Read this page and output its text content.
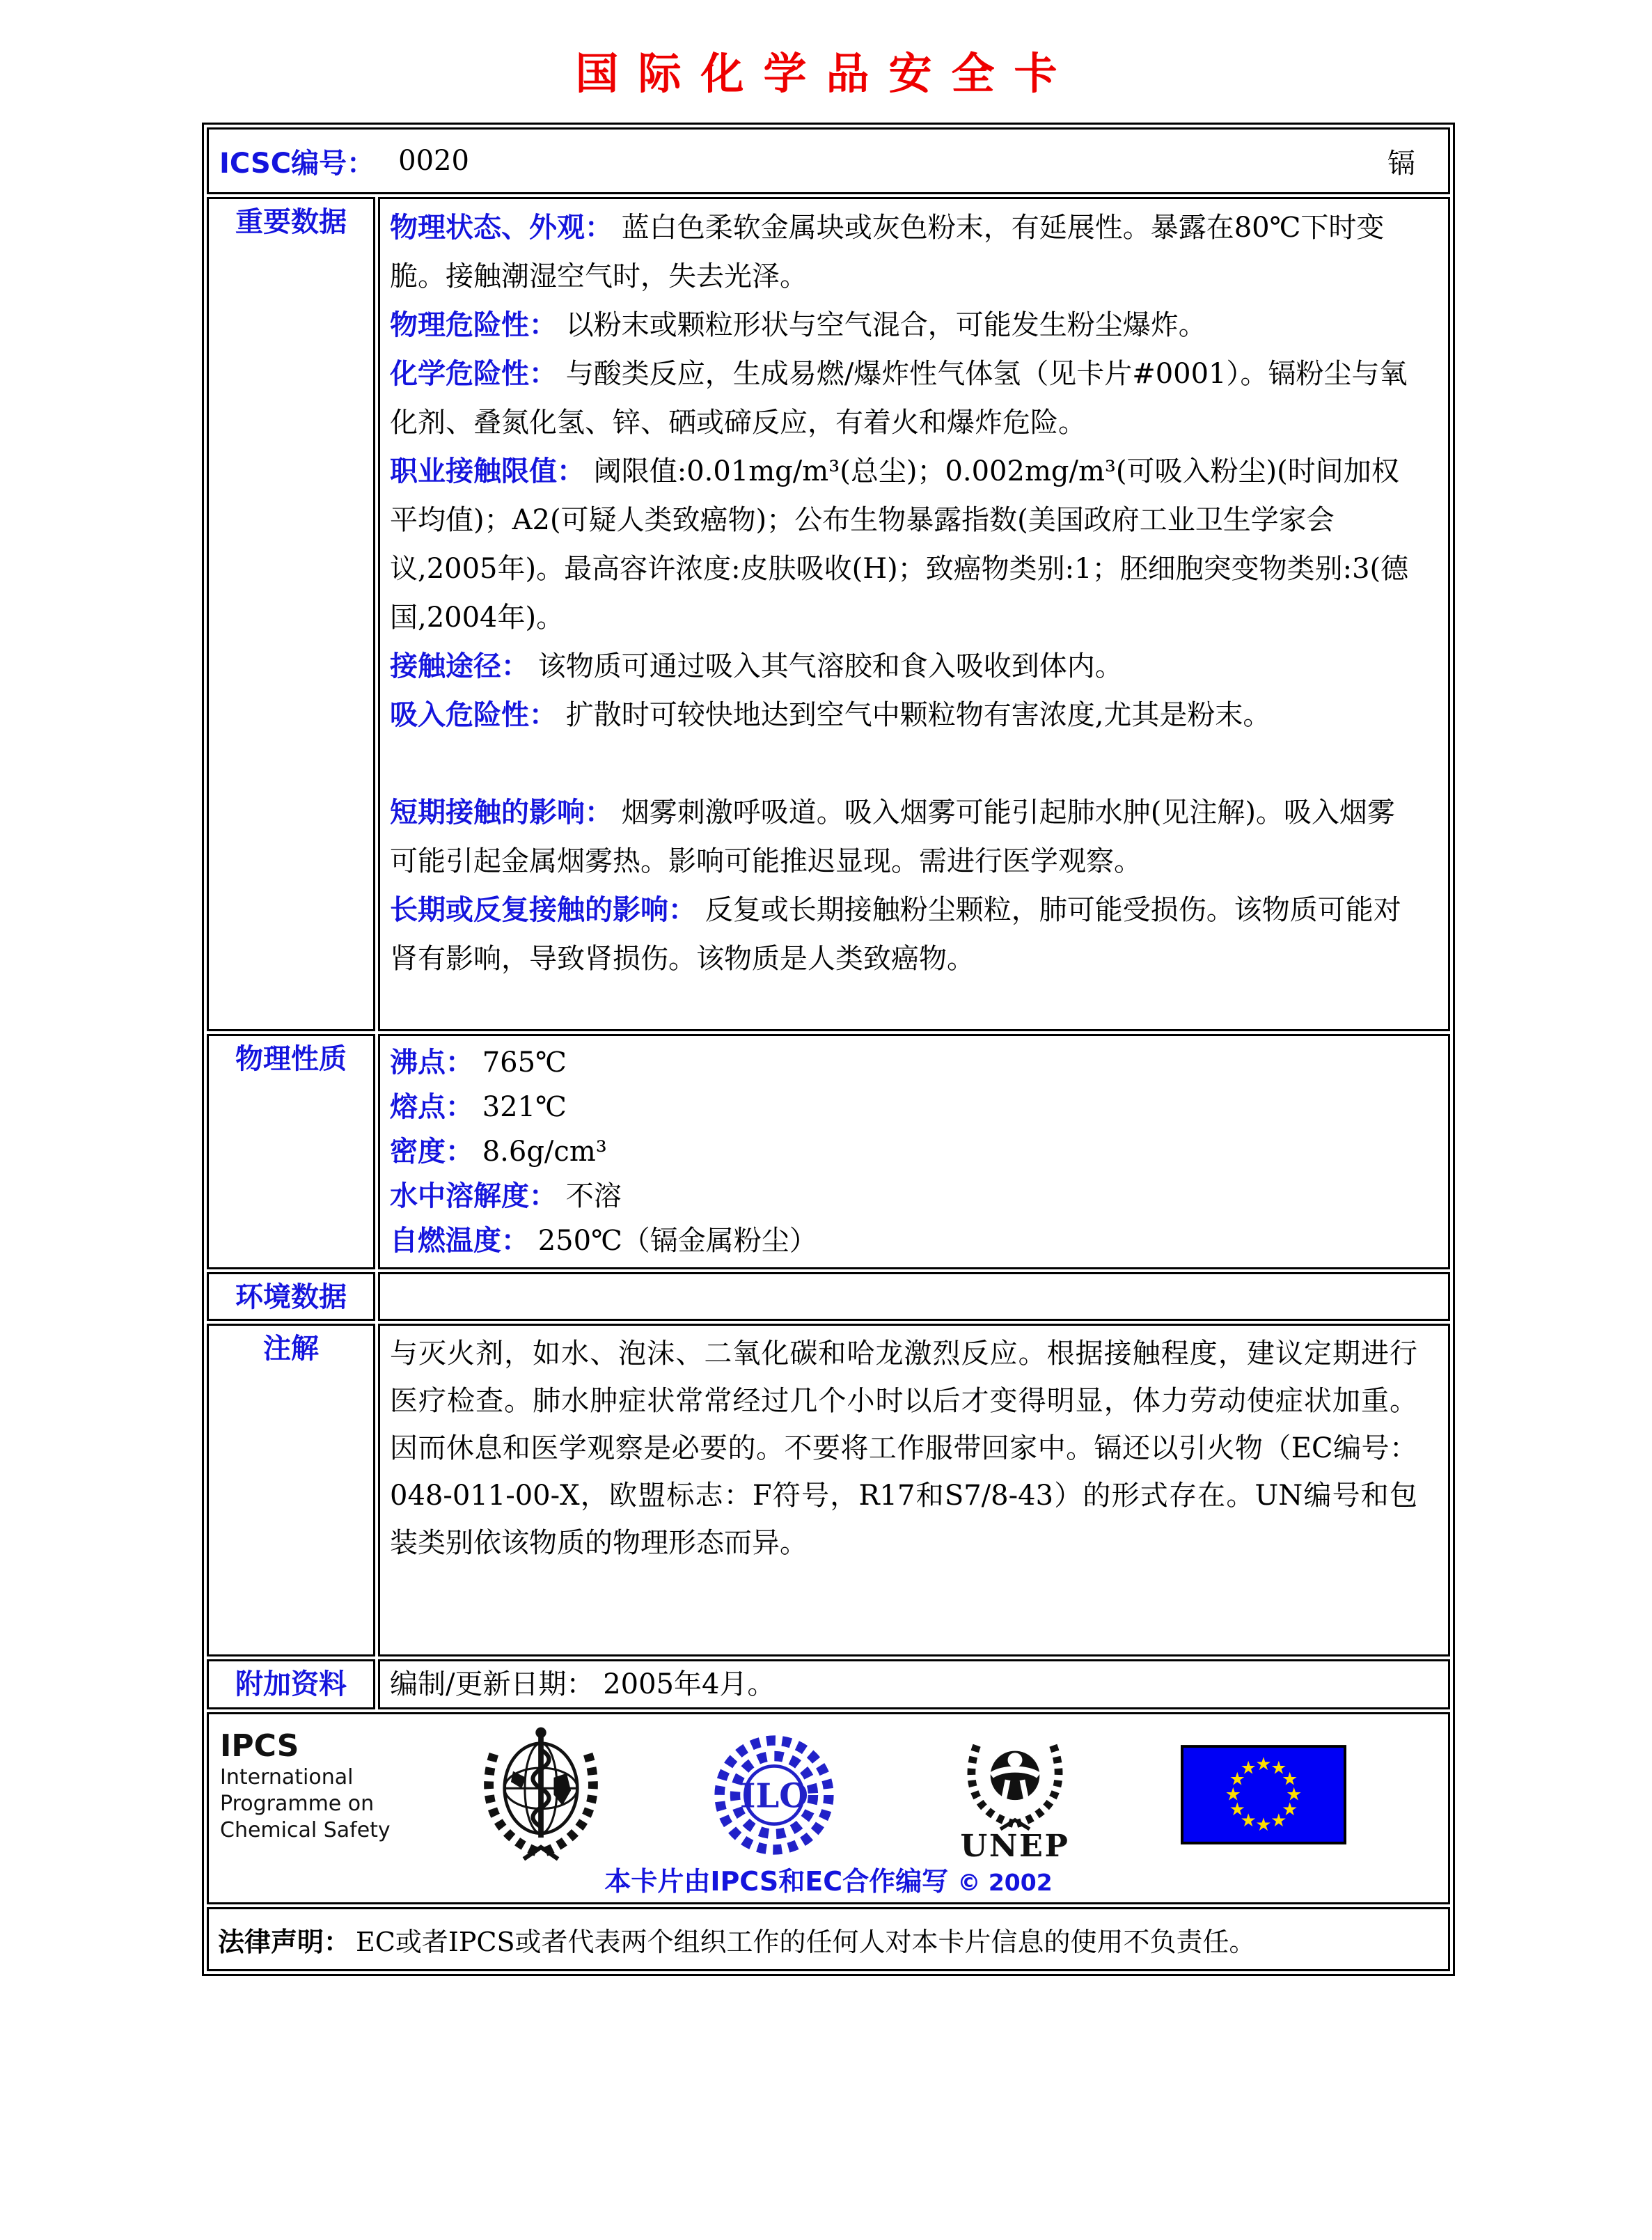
国际化学品安全卡
ICSC编号： 0020 镉	

重要数据	物理状态、外观： 蓝白色柔软金属块或灰色粉末，有延展性。暴露在80℃下时变脆。接触潮湿空气时，失去光泽。
物理危险性： 以粉末或颗粒形状与空气混合，可能发生粉尘爆炸。
化学危险性： 与酸类反应，生成易燃/爆炸性气体氢（见卡片#0001）。镉粉尘与氧化剂、叠氮化氢、锌、硒或碲反应，有着火和爆炸危险。
职业接触限值： 阈限值:0.01mg/m³(总尘)；0.002mg/m³(可吸入粉尘)(时间加权平均值)；A2(可疑人类致癌物)；公布生物暴露指数(美国政府工业卫生学家会议,2005年)。最高容许浓度:皮肤吸收(H)；致癌物类别:1；胚细胞突变物类别:3(德国,2004年)。
接触途径： 该物质可通过吸入其气溶胶和食入吸收到体内。
吸入危险性： 扩散时可较快地达到空气中颗粒物有害浓度,尤其是粉末。
短期接触的影响： 烟雾刺激呼吸道。吸入烟雾可能引起肺水肿(见注解)。吸入烟雾可能引起金属烟雾热。影响可能推迟显现。需进行医学观察。
长期或反复接触的影响： 反复或长期接触粉尘颗粒，肺可能受损伤。该物质可能对肾有影响，导致肾损伤。该物质是人类致癌物。

物理性质	沸点： 765℃
熔点： 321℃
密度： 8.6g/cm³
水中溶解度： 不溶
自燃温度： 250℃（镉金属粉尘）

环境数据	
注解	与灭火剂，如水、泡沫、二氧化碳和哈龙激烈反应。根据接触程度，建议定期进行医疗检查。肺水肿症状常常经过几个小时以后才变得明显，体力劳动使症状加重。因而休息和医学观察是必要的。不要将工作服带回家中。镉还以引火物（EC编号：048-011-00-X，欧盟标志：F符号，R17和S7/8-43）的形式存在。UN编号和包装类别依该物质的物理形态而异。
附加资料	编制/更新日期： 2005年4月。

IPCS
International
Programme on
Chemical Safety
ILO
UNEP
★
★
★
★
★
★
★
★
★
★
★
★
本卡片由IPCS和EC合作编写 © 2002

法律声明： EC或者IPCS或者代表两个组织工作的任何人对本卡片信息的使用不负责任。	
